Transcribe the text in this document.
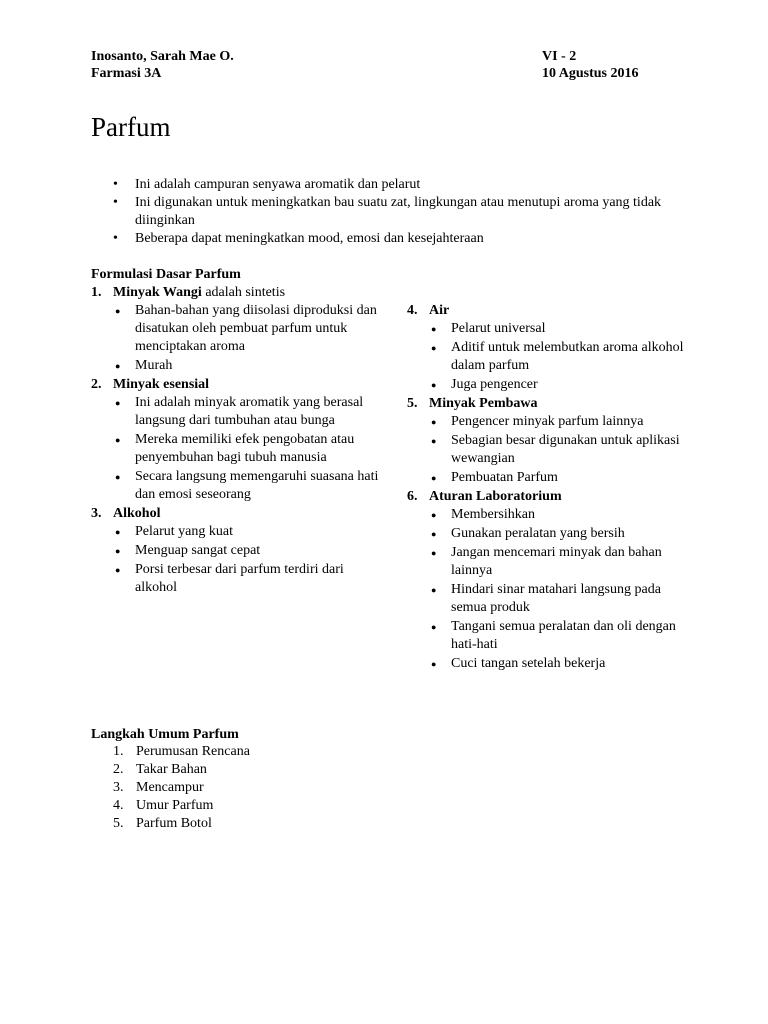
Inosanto, Sarah Mae O.
Farmasi 3A
VI - 2
10 Agustus 2016
Parfum
• Ini adalah campuran senyawa aromatik dan pelarut
• Ini digunakan untuk meningkatkan bau suatu zat, lingkungan atau menutupi aroma yang tidak diinginkan
• Beberapa dapat meningkatkan mood, emosi dan kesejahteraan
Formulasi Dasar Parfum
1. Minyak Wangi adalah sintetis
● Bahan-bahan yang diisolasi diproduksi dan disatukan oleh pembuat parfum untuk menciptakan aroma
● Murah
2. Minyak esensial
● Ini adalah minyak aromatik yang berasal langsung dari tumbuhan atau bunga
● Mereka memiliki efek pengobatan atau penyembuhan bagi tubuh manusia
● Secara langsung memengaruhi suasana hati dan emosi seseorang
3. Alkohol
● Pelarut yang kuat
● Menguap sangat cepat
● Porsi terbesar dari parfum terdiri dari alkohol
4. Air
● Pelarut universal
● Aditif untuk melembutkan aroma alkohol dalam parfum
● Juga pengencer
5. Minyak Pembawa
● Pengencer minyak parfum lainnya
● Sebagian besar digunakan untuk aplikasi wewangian
● Pembuatan Parfum
6. Aturan Laboratorium
● Membersihkan
● Gunakan peralatan yang bersih
● Jangan mencemari minyak dan bahan lainnya
● Hindari sinar matahari langsung pada semua produk
● Tangani semua peralatan dan oli dengan hati-hati
● Cuci tangan setelah bekerja
Langkah Umum Parfum
1. Perumusan Rencana
2. Takar Bahan
3. Mencampur
4. Umur Parfum
5. Parfum Botol
